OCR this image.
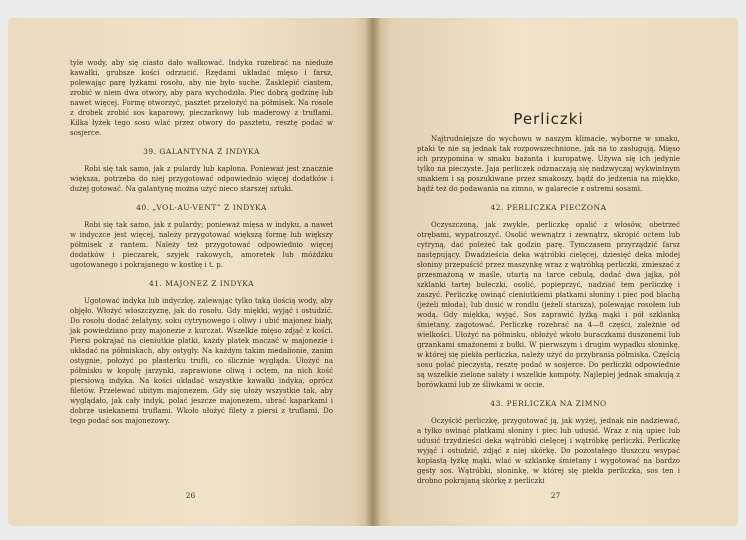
tyle wody, aby się ciasto dało wałkować. Indyka rozebrać na nieduże kawałki, grubsze kości odrzucić. Rzędami układać mięso i farsz, polewając parę łyżkami rosołu, aby nie było suche. Zasklepić ciastem, zrobić w niem dwa otwory, aby para wychodziła. Piec dobrą godzinę lub nawet więcej. Formę otworzyć, pasztet przełożyć na półmisek. Na rosole z drobek zrobić sos kaparowy, pieczarkowy lub maderowy z truflami. Kilka łyżek tego sosu wlać przez otwory do pasztetu, resztę podać w sosjerce.

39. GALANTYNA Z INDYKA

Robi się tak samo, jak z pulardy lub kapłona. Ponieważ jest znacznie większa, potrzeba do niej przygotować odpowiednio więcej dodatków i dużej gotować. Na galantynę można użyć nieco starszej sztuki.

40. „VOL-AU-VENT” Z INDYKA

Robi się tak samo, jak z pulardy; ponieważ mięsa w indyku, a nawet w indyczce jest więcej, należy przygotować większą formę lub większy półmisek z rantem. Należy też przygotować odpowiednio więcej dodatków i pieczarek, szyjek rakowych, amoretek lub móżdżku ugotowanego i pokrajanego w kostkę i t. p.

41. MAJONEZ Z INDYKA

Ugotować indyka lub indyczkę, zalewając tylko taką ilością wody, aby objęło. Włożyć włoszczyznę, jak do rosołu. Gdy miękki, wyjąć i ostudzić. Do rosołu dodać żelatyny, soku cytrynowego i oliwy i ubić majonez biały, jak powiedziano przy majonezie z kurczat. Wszelkie mięso zdjąć z kości. Piersi pokrajać na cieniutkie platki, każdy platek maczać w majonezie i układać na półmiskach, aby ostygły. Na każdym takim medalionie, zanim ostygnie, położyć po plasterku trufli, co ślicznie wygląda. Ułożyć na półmisku w kopułę jarzynki, zaprawione oliwą i octem, na nich kość piersiową indyka. Na kości układać wszystkie kawałki indyka, oprócz filetów. Przelewać ubitym majonezem. Gdy się ułoży wszystkie tak, aby wyglądało, jak cały indyk, polać jeszcze majonezem, ubrać kaparkami i dobrze usiekanemi truflami. Wkoło ułożyć filety z piersi z truflami. Do tego podać sos majonezowy.

26
Perliczki

Najtrudniejsze do wychowu w naszym klimacie, wyborne w smaku, ptaki te nie są jednak tak rozpowszechnione, jak na to zasługują. Mięso ich przypomina w smaku bażanta i kuropatwę. Używa się ich jedynie tylko na pieczyste. Jaja perliczek odznaczają się nadzwyczaj wykwintnym smakiem i są poszukiwane przez smakoszy, bądź do jedzenia na miękko, bądź też do podawania na zimno, w galarecie z ostremi sosami.

42. PERLICZKA PIECZONA

Oczyszczoną, jak zwykle, perliczkę opalić z włosów, obetrzeć otrębami, wypatroszyć. Osolić wewnątrz i zewnątrz, skropić octem lub cytryną, dać poleżeć tak godzin parę. Tymczasem przyrządzić farsz następujący. Dwadzieścia deka wątróbki cielęcej, dziesięć deka młodej słoniny przepuścić przez maszynkę wraz z wątróbką perliczki, zmieszać z przesmażoną w maśle, utartą na tarce cebulą, dodać dwa jajka, pół szklanki tartej bułeczki, osolić, popieprzyć, nadziać tem perliczkę i zaszyć. Perliczkę owinąć cieniutkiemi płatkami słoniny i piec pod blachą (jeżeli młoda), lub dusić w rondlu (jeżeli starsza), polewając rosołem lub wodą. Gdy miękka, wyjąć. Sos zaprawić łyżką mąki i pół szklanką śmietany, zagotować. Perliczkę rozebrać na 4—8 części, zależnie od wielkości. Ułożyć na półmisku, obłożyć wkoło buraczkami duszonemi lub grzankami smażonemi z bułki. W pierwszym i drugim wypadku słoninkę, w której się piekła perliczka, należy użyć do przybrania półmiska. Częścią sosu polać pieczystą, resztę podać w sosjerce. Do perliczki odpowiednie są wszelkie zielone sałaty i wszelkie kompoty. Najlepiej jednak smakują z borówkami lub ze śliwkami w occie.

43. PERLICZKA NA ZIMNO

Oczyścić perliczkę, przygotować ją, jak wyżej, jednak nie nadziewać, a tylko owinąć płatkami słoniny i piec lub udusić. Wraz z nią upiec lub udusić trzydzieści deka wątróbki cielęcej i wątróbkę perliczki. Perliczkę wyjąć i ostudzić, zdjąć z niej skórkę. Do pozostałego tłuszczu wsypać kopiastą łyżkę mąki, wlać w szklankę śmietany i wygotować na bardzo gęsty sos. Wątróbki, słoninkę, w której się piekła perliczka, sos ten i drobno pokrajaną skórkę z perliczki

27
